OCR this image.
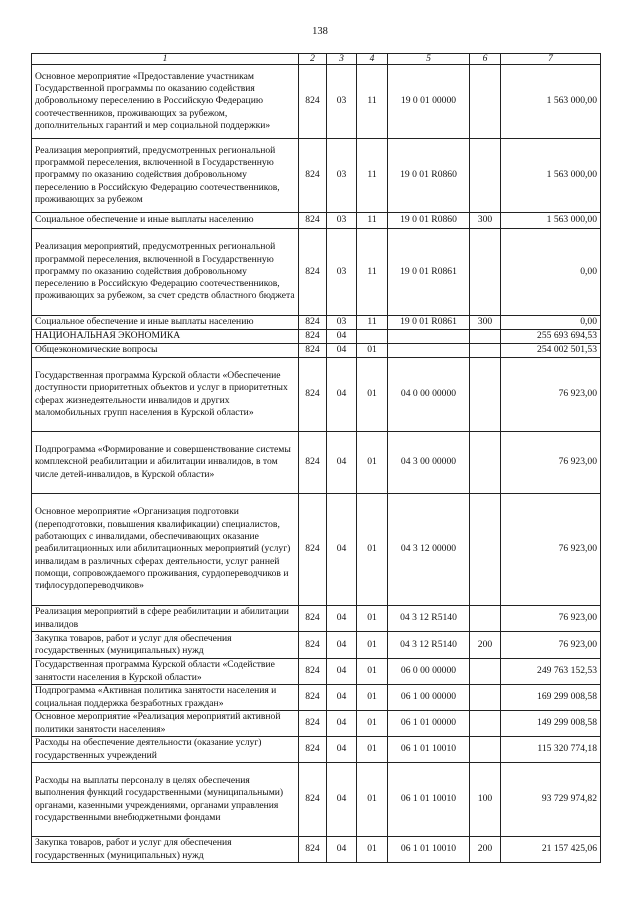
138
1	2	3	4	5	6	7
Основное мероприятие «Предоставление участникам Государственной программы по оказанию содействия добровольному переселению в Российскую Федерацию соотечественников, проживающих за рубежом, дополнительных гарантий и мер социальной поддержки»	824	03	11	19 0 01 00000		1 563 000,00
Реализация мероприятий, предусмотренных региональной программой переселения, включенной в Государственную программу по оказанию содействия добровольному переселению в Российскую Федерацию соотечественников, проживающих за рубежом	824	03	11	19 0 01 R0860		1 563 000,00
Социальное обеспечение и иные выплаты населению	824	03	11	19 0 01 R0860	300	1 563 000,00
Реализация мероприятий, предусмотренных региональной программой переселения, включенной в Государственную программу по оказанию содействия добровольному переселению в Российскую Федерацию соотечественников, проживающих за рубежом, за счет средств областного бюджета	824	03	11	19 0 01 R0861		0,00
Социальное обеспечение и иные выплаты населению	824	03	11	19 0 01 R0861	300	0,00
НАЦИОНАЛЬНАЯ ЭКОНОМИКА	824	04				255 693 694,53
Общеэкономические вопросы	824	04	01			254 002 501,53
Государственная программа Курской области «Обеспечение доступности приоритетных объектов и услуг в приоритетных сферах жизнедеятельности инвалидов и других маломобильных групп населения в Курской области»	824	04	01	04 0 00 00000		76 923,00
Подпрограмма «Формирование и совершенствование системы комплексной реабилитации и абилитации инвалидов, в том числе детей-инвалидов, в Курской области»	824	04	01	04 3 00 00000		76 923,00
Основное мероприятие «Организация подготовки (переподготовки, повышения квалификации) специалистов, работающих с инвалидами, обеспечивающих оказание реабилитационных или абилитационных мероприятий (услуг) инвалидам в различных сферах деятельности, услуг ранней помощи, сопровождаемого проживания, сурдопереводчиков и тифлосурдопереводчиков»	824	04	01	04 3 12 00000		76 923,00
Реализация мероприятий в сфере реабилитации и абилитации инвалидов	824	04	01	04 3 12 R5140		76 923,00
Закупка товаров, работ и услуг для обеспечения государственных (муниципальных) нужд	824	04	01	04 3 12 R5140	200	76 923,00
Государственная программа Курской области «Содействие занятости населения в Курской области»	824	04	01	06 0 00 00000		249 763 152,53
Подпрограмма «Активная политика занятости населения и социальная поддержка безработных граждан»	824	04	01	06 1 00 00000		169 299 008,58
Основное мероприятие «Реализация мероприятий активной политики занятости населения»	824	04	01	06 1 01 00000		149 299 008,58
Расходы на обеспечение деятельности (оказание услуг) государственных учреждений	824	04	01	06 1 01 10010		115 320 774,18
Расходы на выплаты персоналу в целях обеспечения выполнения функций государственными (муниципальными) органами, казенными учреждениями, органами управления государственными внебюджетными фондами	824	04	01	06 1 01 10010	100	93 729 974,82
Закупка товаров, работ и услуг для обеспечения государственных (муниципальных) нужд	824	04	01	06 1 01 10010	200	21 157 425,06
